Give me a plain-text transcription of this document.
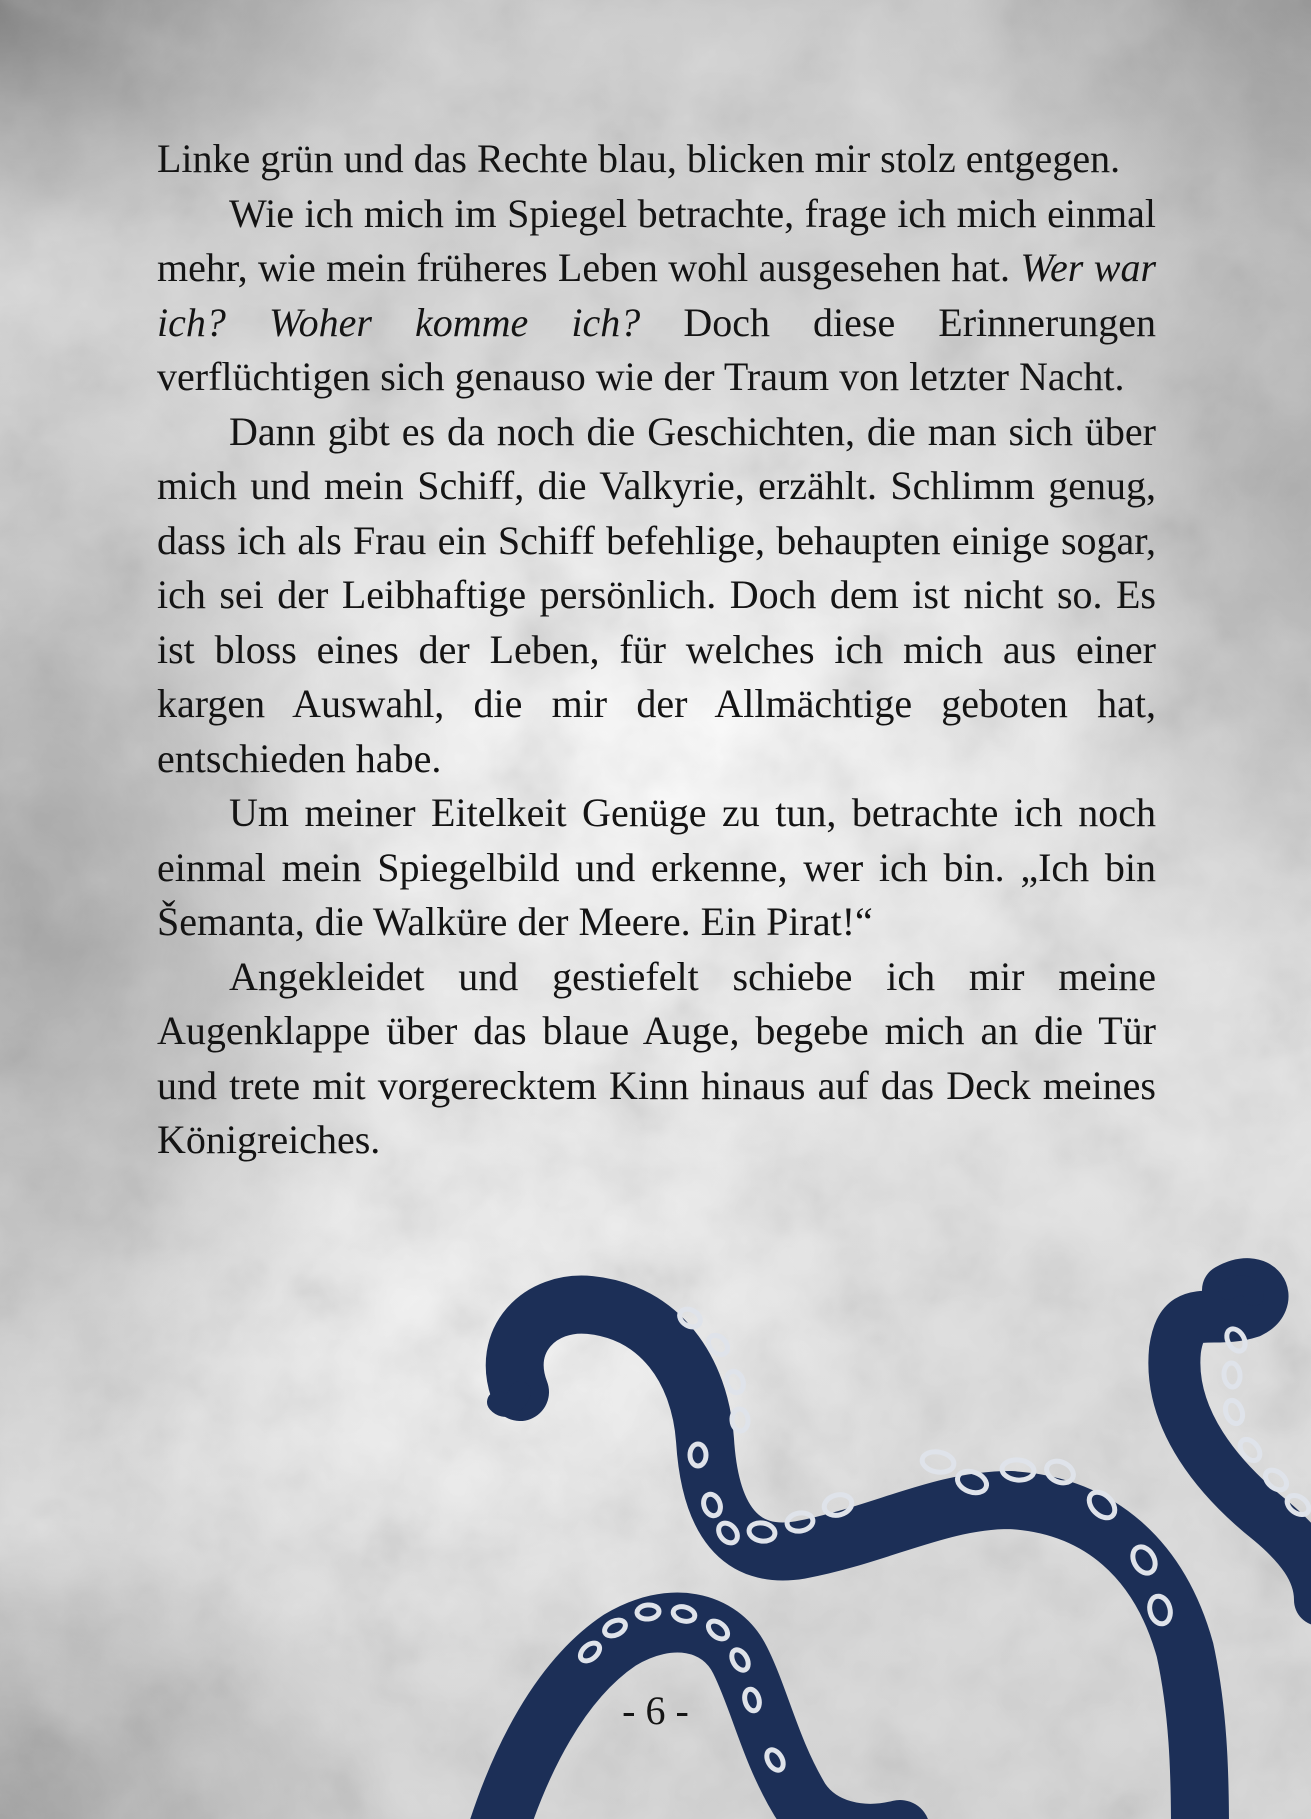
Linke grün und das Rechte blau, blicken mir stolz entgegen.

Wie ich mich im Spiegel betrachte, frage ich mich einmal mehr, wie mein früheres Leben wohl ausgesehen hat. Wer war ich? Woher komme ich? Doch diese Erinnerungen verflüchtigen sich genauso wie der Traum von letzter Nacht.

Dann gibt es da noch die Geschichten, die man sich über mich und mein Schiff, die Valkyrie, erzählt. Schlimm genug, dass ich als Frau ein Schiff befehlige, behaupten einige sogar, ich sei der Leibhaftige persönlich. Doch dem ist nicht so. Es ist bloss eines der Leben, für welches ich mich aus einer kargen Auswahl, die mir der Allmächtige geboten hat, entschieden habe.

Um meiner Eitelkeit Genüge zu tun, betrachte ich noch einmal mein Spiegelbild und erkenne, wer ich bin. „Ich bin Šemanta, die Walküre der Meere. Ein Pirat!“

Angekleidet und gestiefelt schiebe ich mir meine Augenklappe über das blaue Auge, begebe mich an die Tür und trete mit vorgerecktem Kinn hinaus auf das Deck meines Königreiches.

- 6 -
